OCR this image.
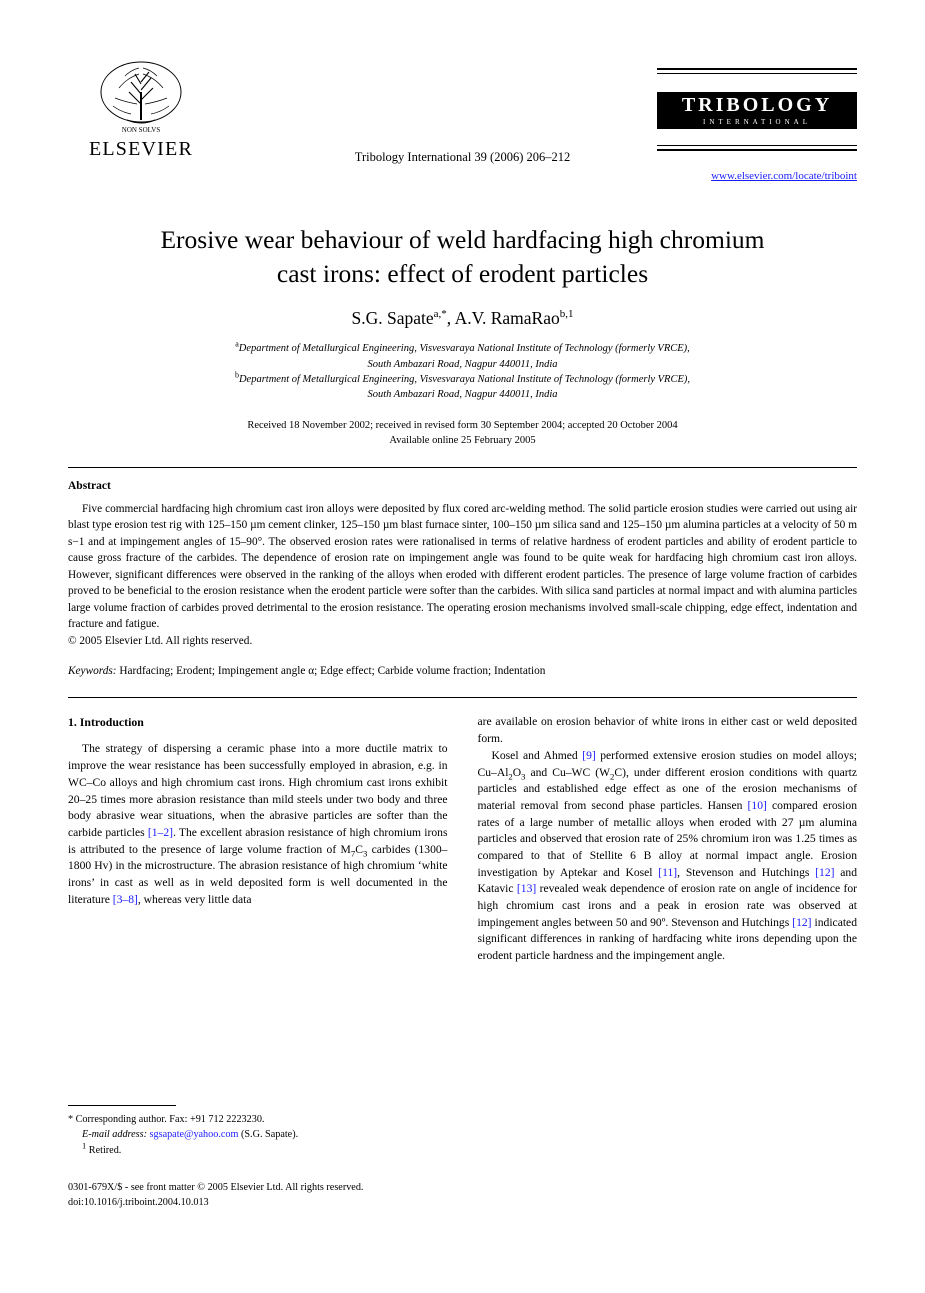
NON SOLVS
ELSEVIER	Tribology International 39 (2006) 206–212
TRIBOLOGY
INTERNATIONAL
www.elsevier.com/locate/triboint
Erosive wear behaviour of weld hardfacing high chromium
cast irons: effect of erodent particles
S.G. Sapate$^{a,*}$, A.V. RamaRao$^{b,1}$
$^a$Department of Metallurgical Engineering, Visvesvaraya National Institute of Technology (formerly VRCE),
South Ambazari Road, Nagpur 440011, India
$^b$Department of Metallurgical Engineering, Visvesvaraya National Institute of Technology (formerly VRCE),
South Ambazari Road, Nagpur 440011, India
Received 18 November 2002; received in revised form 30 September 2004; accepted 20 October 2004
Available online 25 February 2005
Abstract
Five commercial hardfacing high chromium cast iron alloys were deposited by flux cored arc-welding method. The solid particle erosion studies were carried out using air blast type erosion test rig with 125–150 µm cement clinker, 125–150 µm blast furnace sinter, 100–150 µm silica sand and 125–150 µm alumina particles at a velocity of 50 m s−1 and at impingement angles of 15–90°. The observed erosion rates were rationalised in terms of relative hardness of erodent particles and ability of erodent particle to cause gross fracture of the carbides. The dependence of erosion rate on impingement angle was found to be quite weak for hardfacing high chromium cast iron alloys. However, significant differences were observed in the ranking of the alloys when eroded with different erodent particles. The presence of large volume fraction of carbides proved to be beneficial to the erosion resistance when the erodent particle were softer than the carbides. With silica sand particles at normal impact and with alumina particles large volume fraction of carbides proved detrimental to the erosion resistance. The operating erosion mechanisms involved small-scale chipping, edge effect, indentation and fracture and fatigue.
© 2005 Elsevier Ltd. All rights reserved.
Keywords: Hardfacing; Erodent; Impingement angle α; Edge effect; Carbide volume fraction; Indentation
1. Introduction

The strategy of dispersing a ceramic phase into a more ductile matrix to improve the wear resistance has been successfully employed in abrasion, e.g. in WC–Co alloys and high chromium cast irons. High chromium cast irons exhibit 20–25 times more abrasion resistance than mild steels under two body and three body abrasive wear situations, when the abrasive particles are softer than the carbide particles [1–2]. The excellent abrasion resistance of high chromium irons is attributed to the presence of large volume fraction of $M_7C_3$ carbides (1300–1800 Hv) in the microstructure. The abrasion resistance of high chromium ‘white irons’ in cast as well as in weld deposited form is well documented in the literature [3–8], whereas very little data

are available on erosion behavior of white irons in either cast or weld deposited form.

Kosel and Ahmed [9] performed extensive erosion studies on model alloys; $Cu-Al_2O_3$ and Cu–WC $(W_2C)$, under different erosion conditions with quartz particles and established edge effect as one of the erosion mechanisms of material removal from second phase particles. Hansen [10] compared erosion rates of a large number of metallic alloys when eroded with 27 µm alumina particles and observed that erosion rate of 25% chromium iron was 1.25 times as compared to that of Stellite 6 B alloy at normal impact angle. Erosion investigation by Aptekar and Kosel [11], Stevenson and Hutchings [12] and Katavic [13] revealed weak dependence of erosion rate on angle of incidence for high chromium cast irons and a peak in erosion rate was observed at impingement angles between 50 and 90º. Stevenson and Hutchings [12] indicated significant differences in ranking of hardfacing white irons depending upon the erodent particle hardness and the impingement angle.

* Corresponding author. Fax: +91 712 2223230.
E-mail address: sgsapate@yahoo.com (S.G. Sapate).
$^1$ Retired.
0301-679X/$ - see front matter © 2005 Elsevier Ltd. All rights reserved.
doi:10.1016/j.triboint.2004.10.013
